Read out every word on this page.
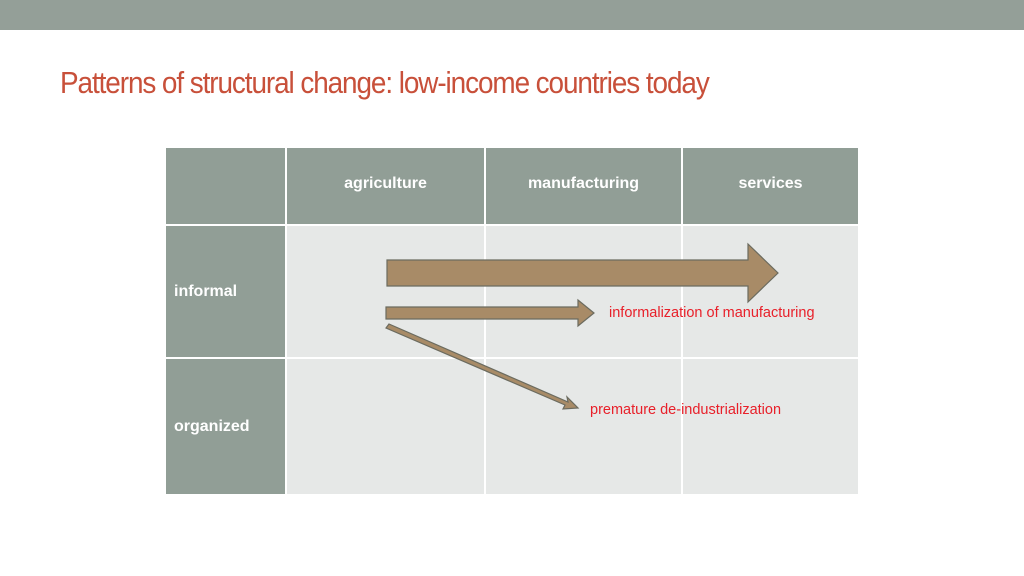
Patterns of structural change: low-income countries today
agriculture	manufacturing	services
informal
organized
informalization of manufacturing
premature de-industrialization
